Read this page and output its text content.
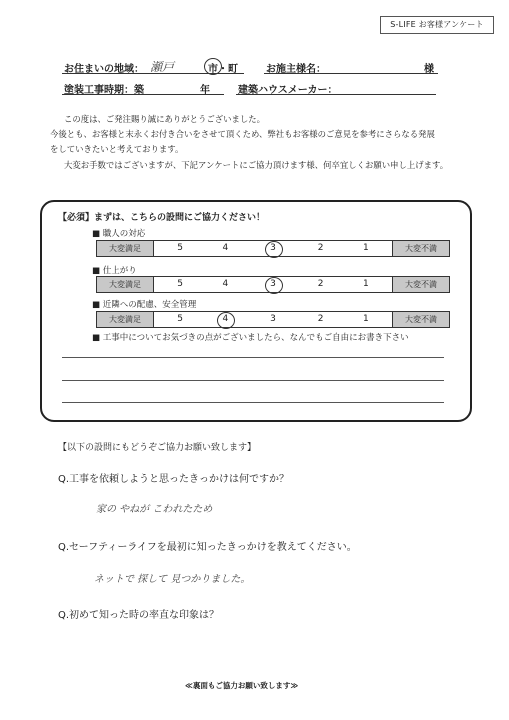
S-LIFE お客様アンケート
お住まいの地域： 瀬戸	市・町	お施主様名：	様
塗装工事時期：築	年	建築ハウスメーカー：
この度は、ご発注賜り誠にありがとうございました。
今後とも、お客様と末永くお付き合いをさせて頂くため、弊社もお客様のご意見を参考にさらなる発展
をしていきたいと考えております。
大変お手数ではございますが、下記アンケートにご協力頂けます様、何卒宜しくお願い申し上げます。
【必須】まずは、こちらの設問にご協力ください！
■ 職人の対応
大変満足	5	4	3	2	1	大変不満
■ 仕上がり
大変満足	5	4	3	2	1	大変不満
■ 近隣への配慮、安全管理
大変満足	5	4	3	2	1	大変不満
■ 工事中についてお気づきの点がございましたら、なんでもご自由にお書き下さい
【以下の設問にもどうぞご協力お願い致します】
Q.工事を依頼しようと思ったきっかけは何ですか？
家の やねが こわれたため
Q.セーフティーライフを最初に知ったきっかけを教えてください。
ネットで 探して 見つかりました。
Q.初めて知った時の率直な印象は？
≪裏面もご協力お願い致します≫
